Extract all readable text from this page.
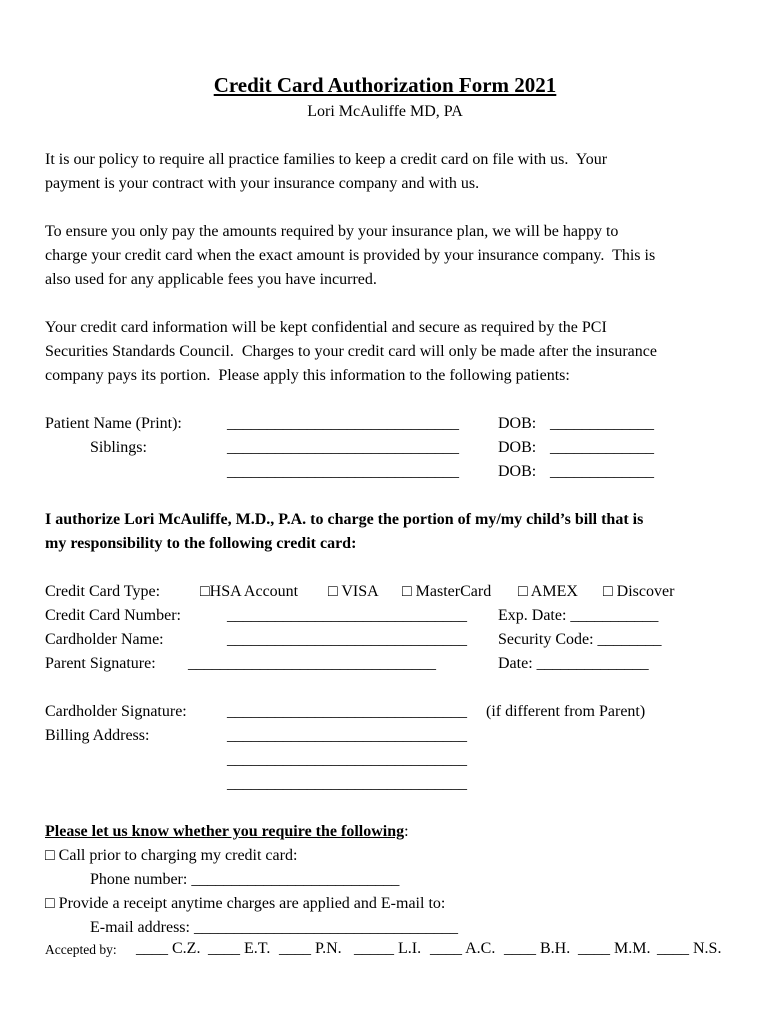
Credit Card Authorization Form 2021
Lori McAuliffe MD, PA
It is our policy to require all practice families to keep a credit card on file with us.  Your
payment is your contract with your insurance company and with us.
To ensure you only pay the amounts required by your insurance plan, we will be happy to
charge your credit card when the exact amount is provided by your insurance company.  This is
also used for any applicable fees you have incurred.
Your credit card information will be kept confidential and secure as required by the PCI
Securities Standards Council.  Charges to your credit card will only be made after the insurance
company pays its portion.  Please apply this information to the following patients:
Patient Name (Print):	_____________________________ DOB: _____________
Siblings:	_____________________________ DOB: _____________
_____________________________ DOB: _____________
I authorize Lori McAuliffe, M.D., P.A. to charge the portion of my/my child’s bill that is
my responsibility to the following credit card:
Credit Card Type: □HSA Account □ VISA □ MasterCard □ AMEX □ Discover
Credit Card Number:	______________________________ Exp. Date: ___________
Cardholder Name:	______________________________ Security Code: ________
Parent Signature: _______________________________	Date: ______________
Cardholder Signature:	______________________________ (if different from Parent)
Billing Address:	______________________________
______________________________
______________________________
Please let us know whether you require the following:
□ Call prior to charging my credit card:
Phone number: __________________________
□ Provide a receipt anytime charges are applied and E-mail to:
E-mail address: _________________________________
Accepted by: ____ C.Z. ____ E.T. ____ P.N. _____ L.I. ____ A.C. ____ B.H. ____ M.M. ____ N.S.
